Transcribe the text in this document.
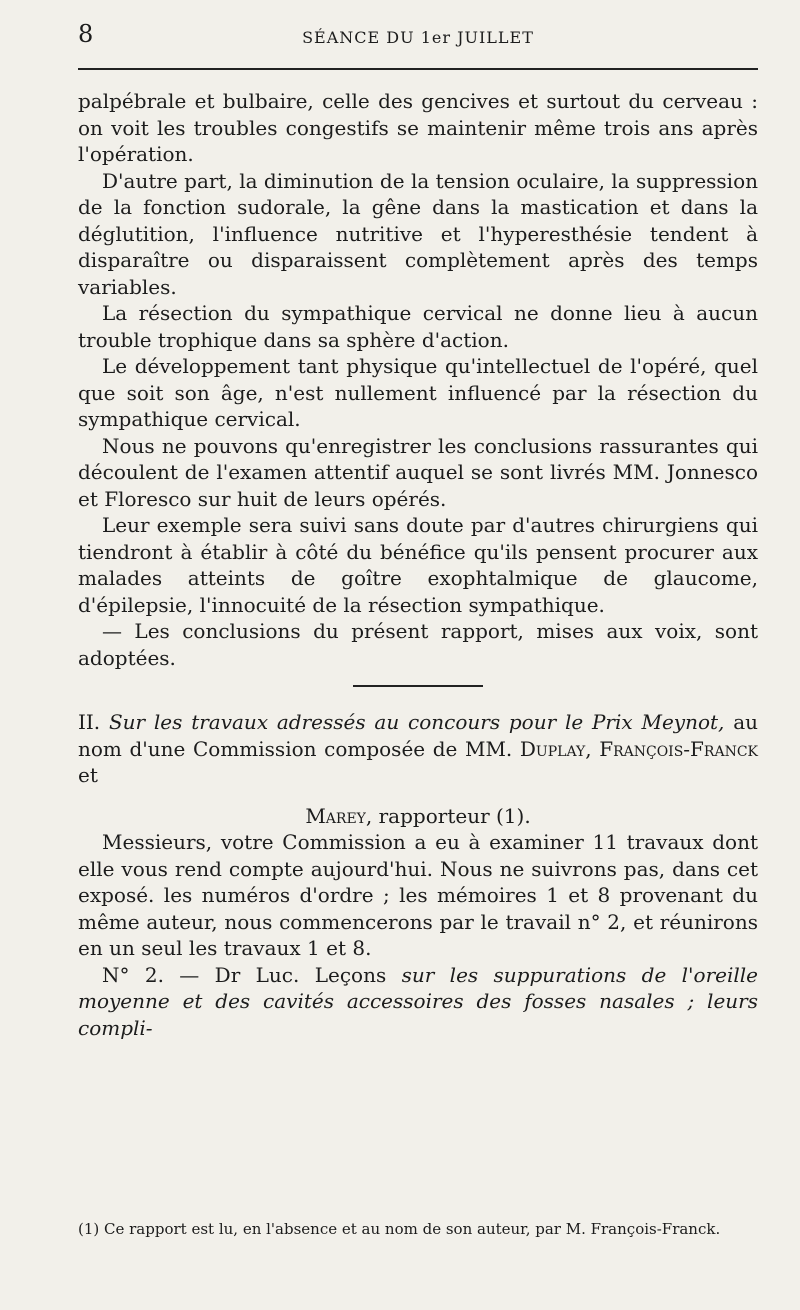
8	SÉANCE DU 1er JUILLET

palpébrale et bulbaire, celle des gencives et surtout du cerveau : on voit les troubles congestifs se maintenir même trois ans après l'opération.

D'autre part, la diminution de la tension oculaire, la suppression de la fonction sudorale, la gêne dans la mastication et dans la déglutition, l'influence nutritive et l'hyperesthésie tendent à disparaître ou disparaissent complètement après des temps variables.

La résection du sympathique cervical ne donne lieu à aucun trouble trophique dans sa sphère d'action.

Le développement tant physique qu'intellectuel de l'opéré, quel que soit son âge, n'est nullement influencé par la résection du sympathique cervical.

Nous ne pouvons qu'enregistrer les conclusions rassurantes qui découlent de l'examen attentif auquel se sont livrés MM. Jonnesco et Floresco sur huit de leurs opérés.

Leur exemple sera suivi sans doute par d'autres chirurgiens qui tiendront à établir à côté du bénéfice qu'ils pensent procurer aux malades atteints de goître exophtalmique de glaucome, d'épilepsie, l'innocuité de la résection sympathique.

— Les conclusions du présent rapport, mises aux voix, sont adoptées.

II. Sur les travaux adressés au concours pour le Prix Meynot, au nom d'une Commission composée de MM. Duplay, François-Franck et

Marey, rapporteur (1).

Messieurs, votre Commission a eu à examiner 11 travaux dont elle vous rend compte aujourd'hui. Nous ne suivrons pas, dans cet exposé. les numéros d'ordre ; les mémoires 1 et 8 provenant du même auteur, nous commencerons par le travail n° 2, et réunirons en un seul les travaux 1 et 8.

N° 2. — Dr Luc. Leçons sur les suppurations de l'oreille moyenne et des cavités accessoires des fosses nasales ; leurs compli-

(1) Ce rapport est lu, en l'absence et au nom de son auteur, par M. François-Franck.
